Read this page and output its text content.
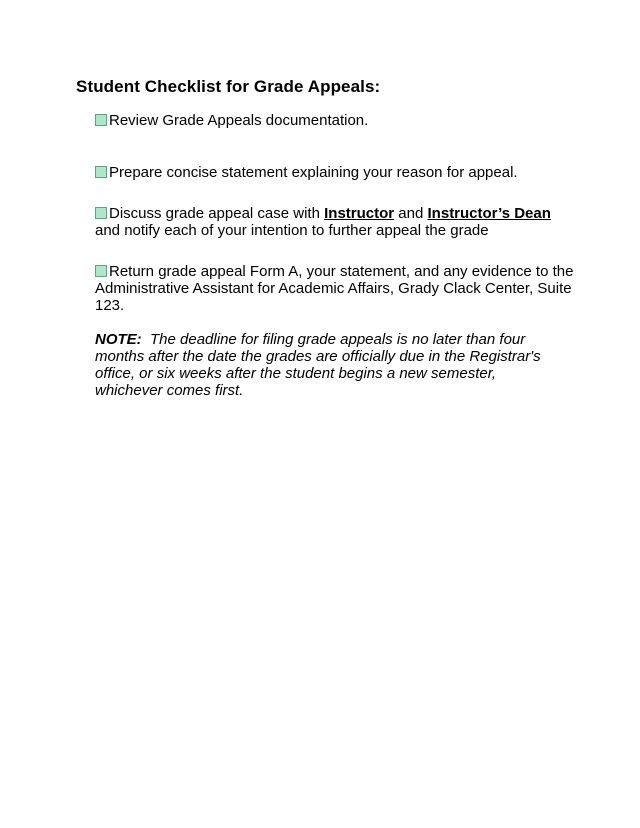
Student Checklist for Grade Appeals:

Review Grade Appeals documentation.

Prepare concise statement explaining your reason for appeal.

Discuss grade appeal case with Instructor and Instructor’s Dean
and notify each of your intention to further appeal the grade

Return grade appeal Form A, your statement, and any evidence to the Administrative Assistant for Academic Affairs, Grady Clack Center, Suite 123.

NOTE: The deadline for filing grade appeals is no later than four months after the date the grades are officially due in the Registrar's office, or six weeks after the student begins a new semester, whichever comes first.
